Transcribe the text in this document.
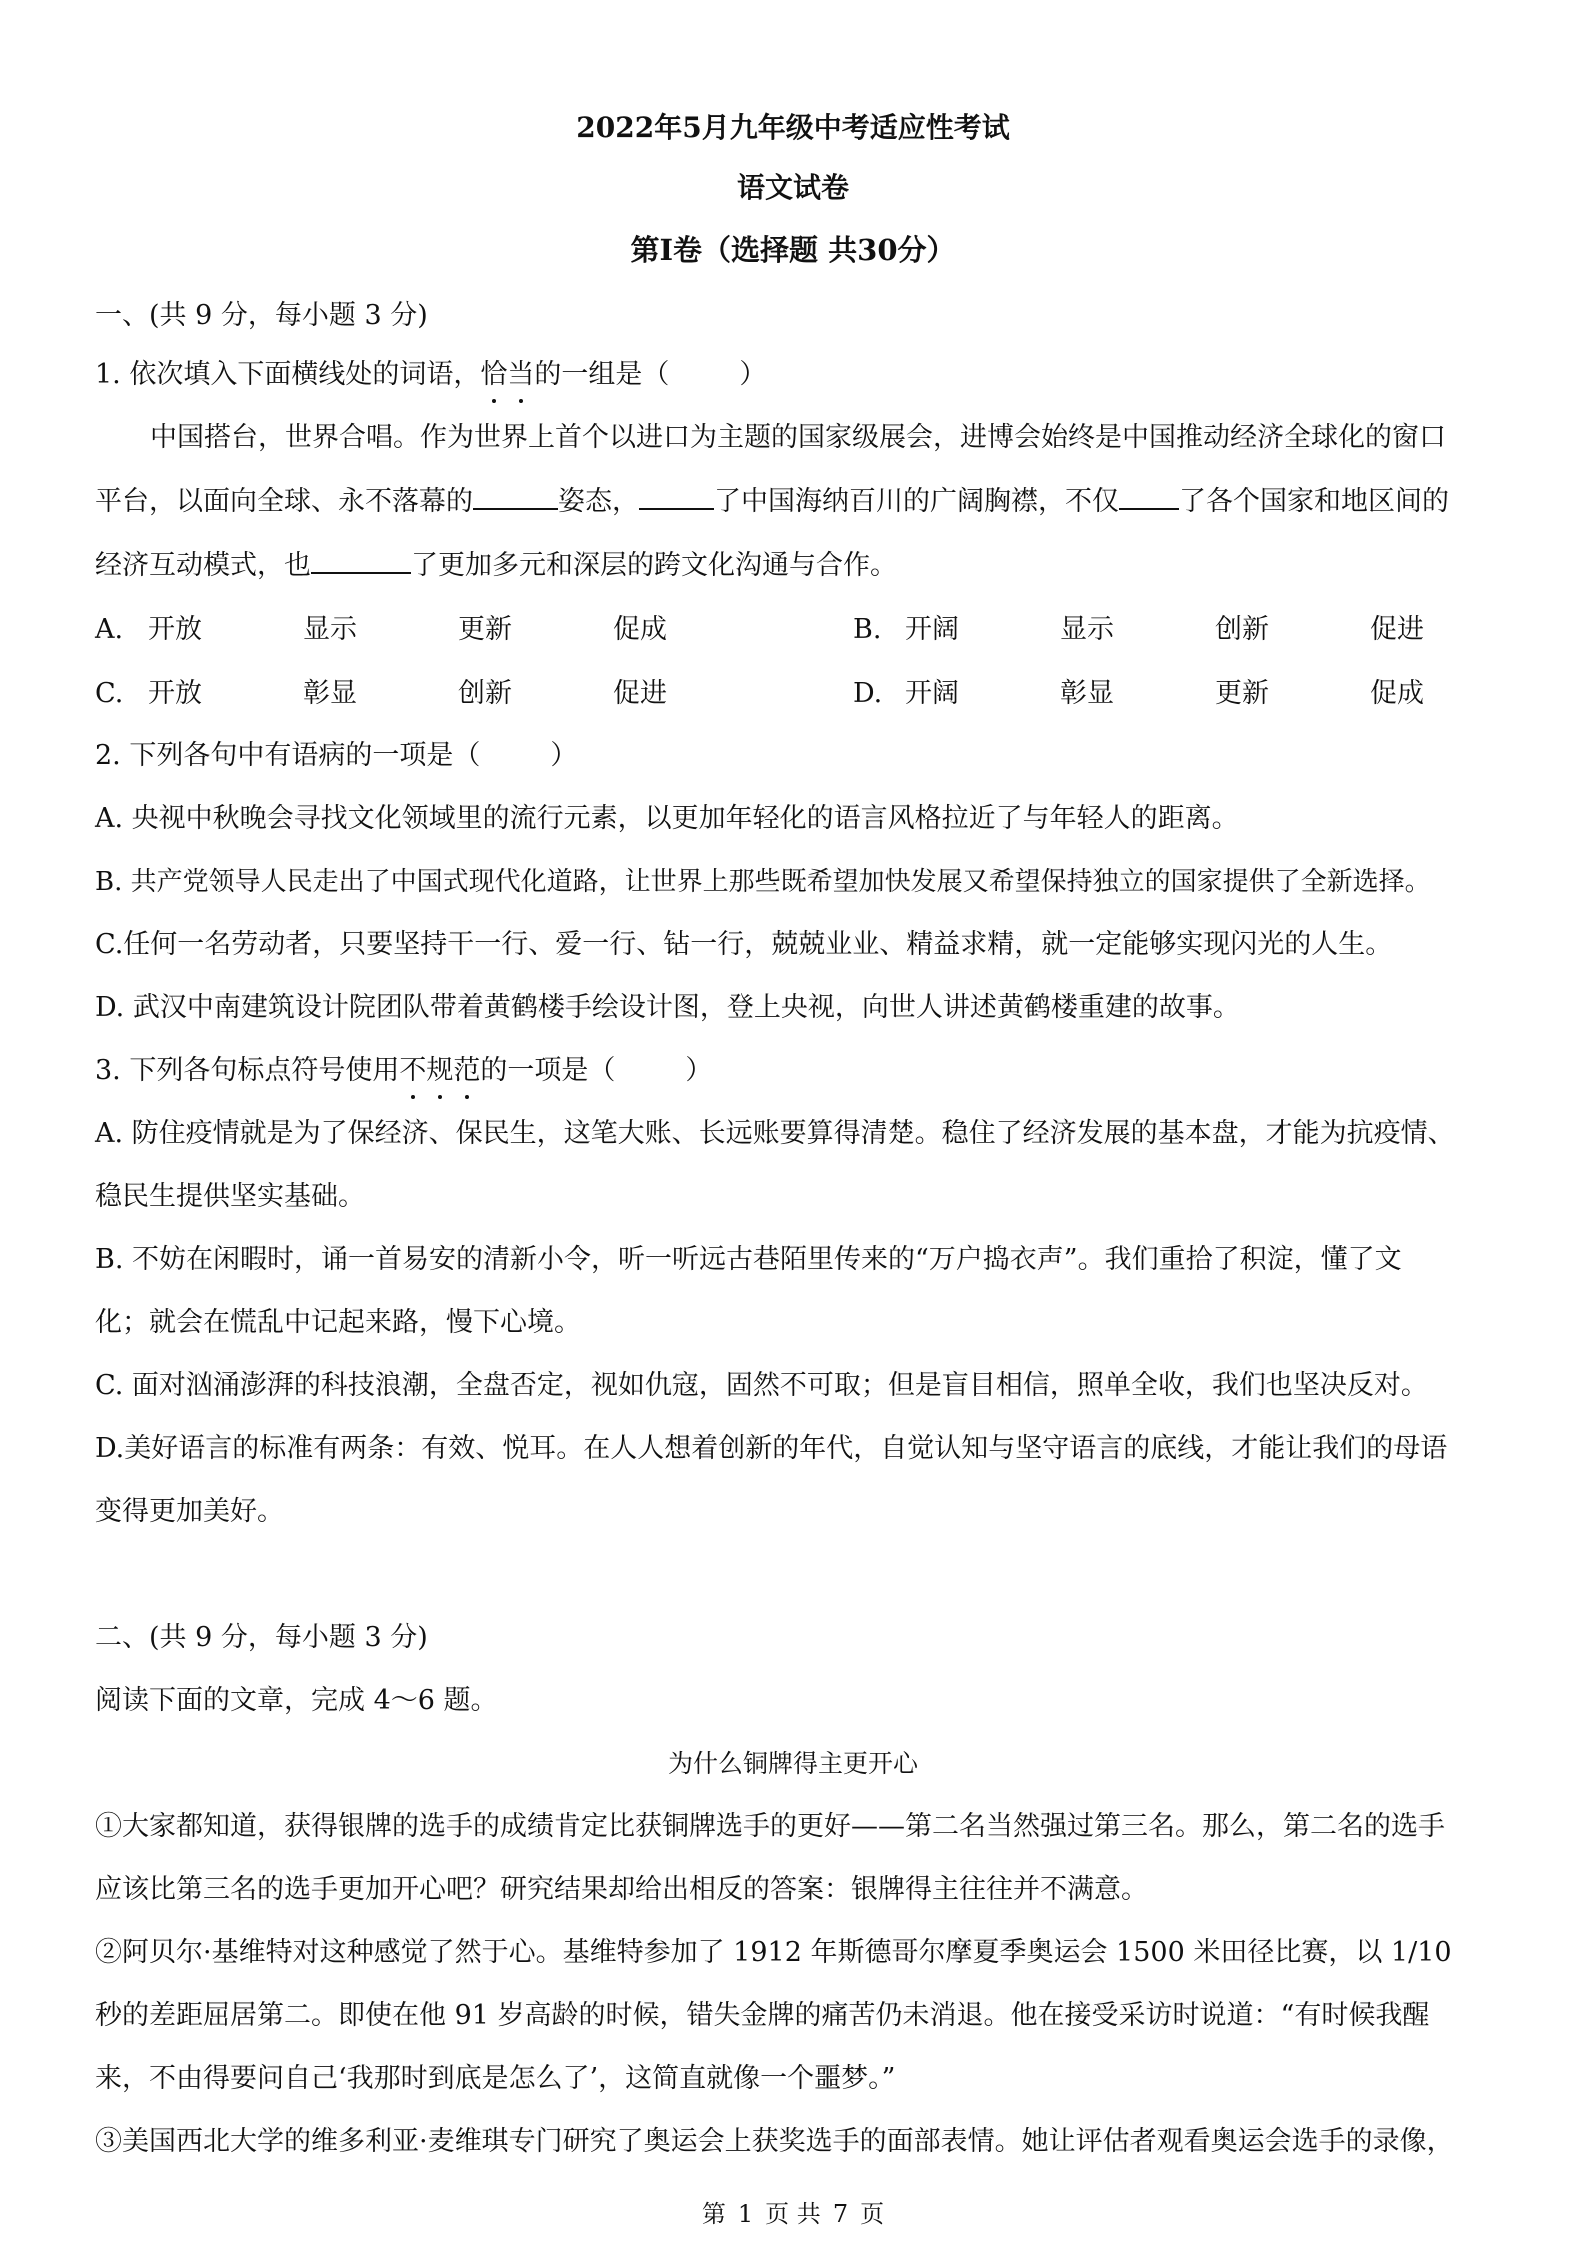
2022年5月九年级中考适应性考试
语文试卷
第Ⅰ卷（选择题 共30分）
一、(共 9 分，每小题 3 分)
1. 依次填入下面横线处的词语，恰当的一组是（	）
中国搭台，世界合唱。作为世界上首个以进口为主题的国家级展会，进博会始终是中国推动经济全球化的窗口
平台，以面向全球、永不落幕的	姿态，	了中国海纳百川的广阔胸襟，不仅 了各个国家和地区间的
经济互动模式，也	了更加多元和深层的跨文化沟通与合作。
A. 开放	显示	更新	促成	B. 开阔	显示	创新	促进
C. 开放	彰显	创新	促进	D. 开阔	彰显	更新	促成
2. 下列各句中有语病的一项是（	）
A. 央视中秋晚会寻找文化领域里的流行元素，以更加年轻化的语言风格拉近了与年轻人的距离。
B. 共产党领导人民走出了中国式现代化道路，让世界上那些既希望加快发展又希望保持独立的国家提供了全新选择。
C.任何一名劳动者，只要坚持干一行、爱一行、钻一行，兢兢业业、精益求精，就一定能够实现闪光的人生。
D. 武汉中南建筑设计院团队带着黄鹤楼手绘设计图，登上央视，向世人讲述黄鹤楼重建的故事。
3. 下列各句标点符号使用不规范的一项是（	）
A. 防住疫情就是为了保经济、保民生，这笔大账、长远账要算得清楚。稳住了经济发展的基本盘，才能为抗疫情、
稳民生提供坚实基础。
B. 不妨在闲暇时，诵一首易安的清新小令，听一听远古巷陌里传来的“万户捣衣声”。我们重拾了积淀，懂了文
化；就会在慌乱中记起来路，慢下心境。
C. 面对汹涌澎湃的科技浪潮，全盘否定，视如仇寇，固然不可取；但是盲目相信，照单全收，我们也坚决反对。
D.美好语言的标准有两条：有效、悦耳。在人人想着创新的年代，自觉认知与坚守语言的底线，才能让我们的母语
变得更加美好。
二、(共 9 分，每小题 3 分)
阅读下面的文章，完成 4～6 题。
为什么铜牌得主更开心
①大家都知道，获得银牌的选手的成绩肯定比获铜牌选手的更好——第二名当然强过第三名。那么，第二名的选手
应该比第三名的选手更加开心吧？研究结果却给出相反的答案：银牌得主往往并不满意。
②阿贝尔·基维特对这种感觉了然于心。基维特参加了 1912 年斯德哥尔摩夏季奥运会 1500 米田径比赛，以 1/10
秒的差距屈居第二。即使在他 91 岁高龄的时候，错失金牌的痛苦仍未消退。他在接受采访时说道：“有时候我醒
来，不由得要问自己‘我那时到底是怎么了’，这简直就像一个噩梦。”
③美国西北大学的维多利亚·麦维琪专门研究了奥运会上获奖选手的面部表情。她让评估者观看奥运会选手的录像，
第 1 页 共 7 页
